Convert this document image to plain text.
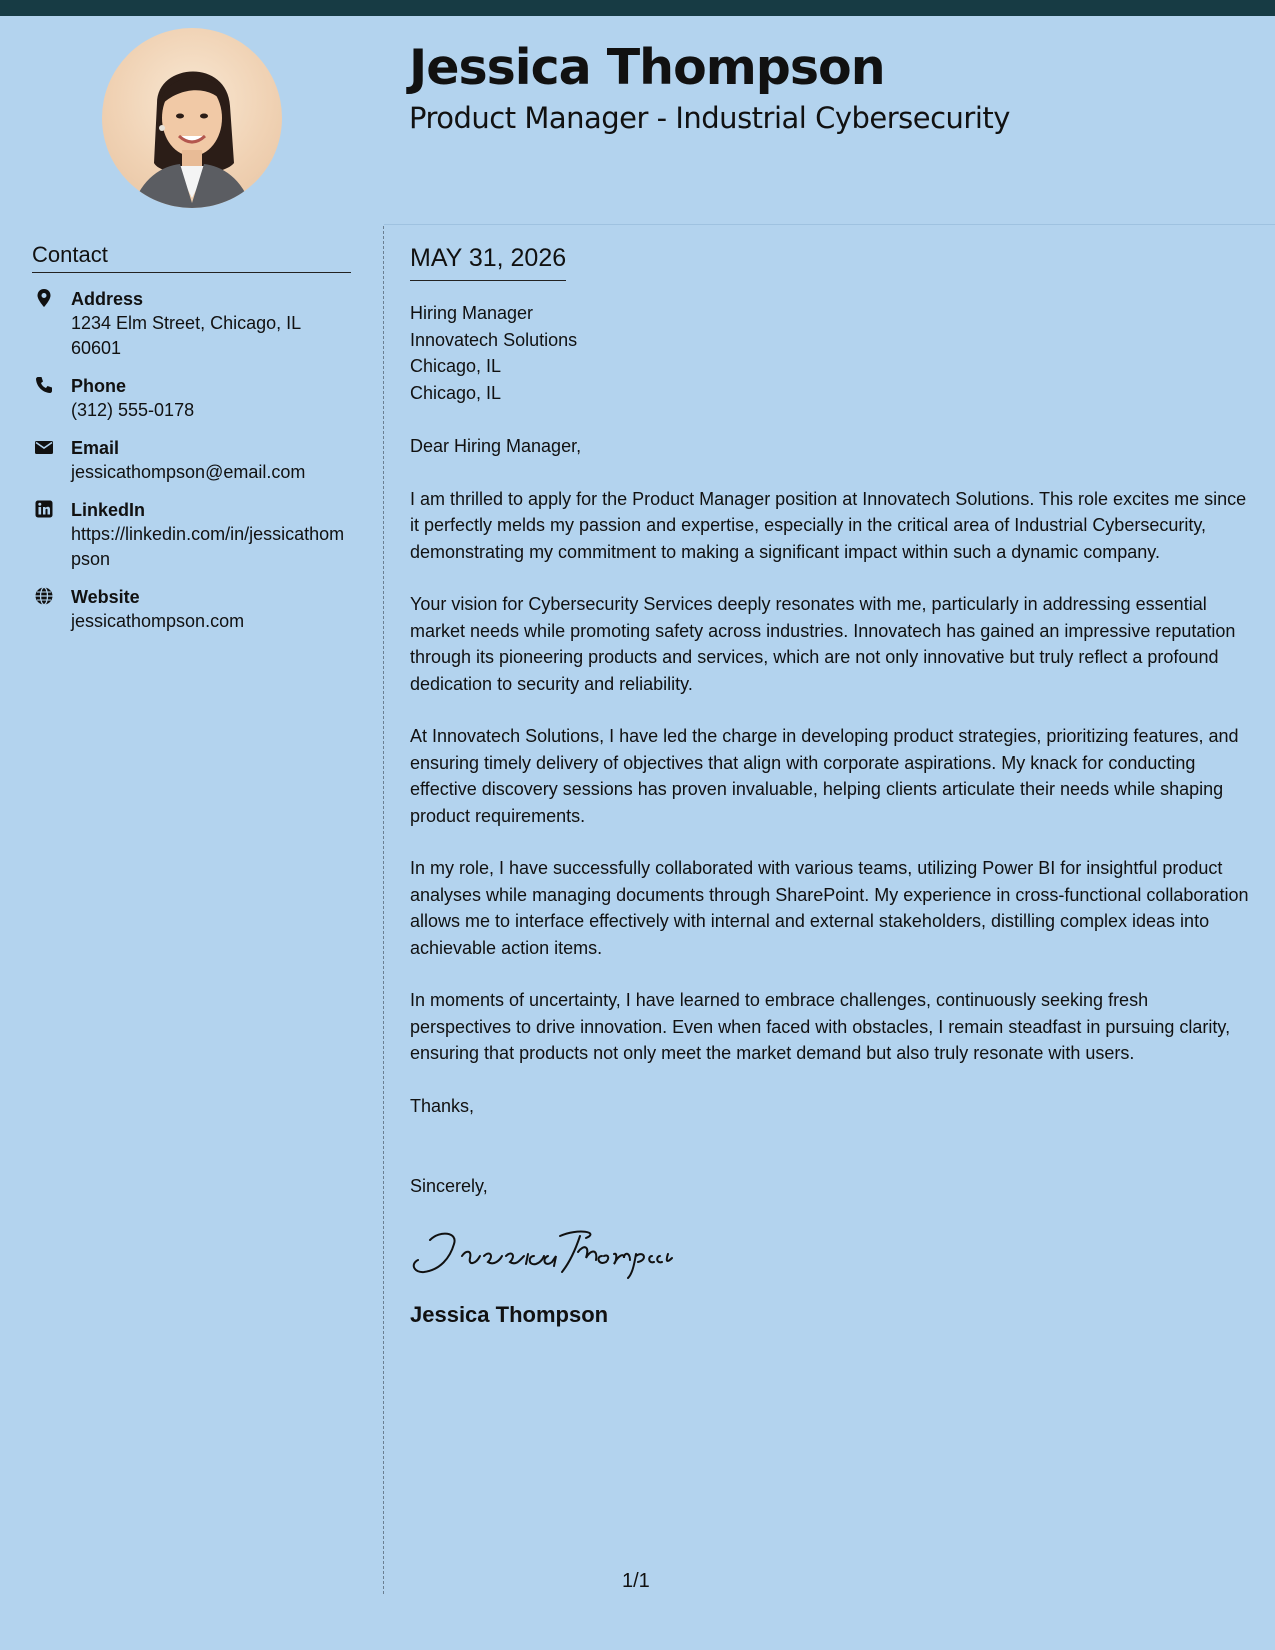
Jessica Thompson
Product Manager - Industrial Cybersecurity
Contact
Address
1234 Elm Street, Chicago, IL 60601
Phone
(312) 555-0178
Email
jessicathompson@email.com
LinkedIn
https://linkedin.com/in/jessicathompson
Website
jessicathompson.com
MAY 31, 2026
Hiring Manager
Innovatech Solutions
Chicago, IL
Chicago, IL
Dear Hiring Manager,

I am thrilled to apply for the Product Manager position at Innovatech Solutions. This role excites me since it perfectly melds my passion and expertise, especially in the critical area of Industrial Cybersecurity, demonstrating my commitment to making a significant impact within such a dynamic company.

Your vision for Cybersecurity Services deeply resonates with me, particularly in addressing essential market needs while promoting safety across industries. Innovatech has gained an impressive reputation through its pioneering products and services, which are not only innovative but truly reflect a profound dedication to security and reliability.

At Innovatech Solutions, I have led the charge in developing product strategies, prioritizing features, and ensuring timely delivery of objectives that align with corporate aspirations. My knack for conducting effective discovery sessions has proven invaluable, helping clients articulate their needs while shaping product requirements.

In my role, I have successfully collaborated with various teams, utilizing Power BI for insightful product analyses while managing documents through SharePoint. My experience in cross-functional collaboration allows me to interface effectively with internal and external stakeholders, distilling complex ideas into achievable action items.

In moments of uncertainty, I have learned to embrace challenges, continuously seeking fresh perspectives to drive innovation. Even when faced with obstacles, I remain steadfast in pursuing clarity, ensuring that products not only meet the market demand but also truly resonate with users.

Thanks,
Sincerely,
Jessica Thompson
1/1
